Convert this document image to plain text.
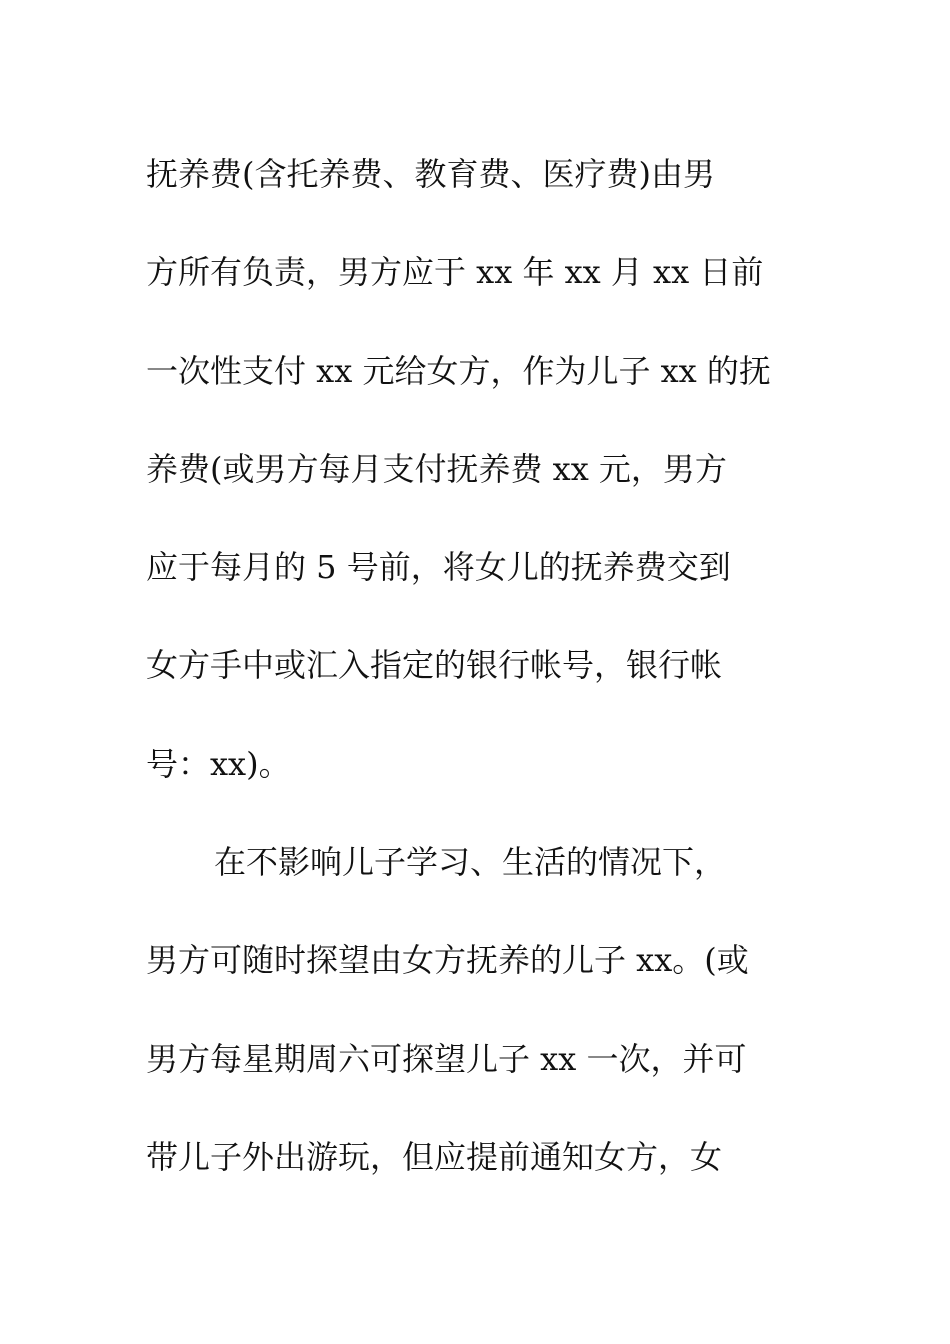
抚养费(含托养费、教育费、医疗费)由男
方所有负责，男方应于 xx 年 xx 月 xx 日前
一次性支付 xx 元给女方，作为儿子 xx 的抚
养费(或男方每月支付抚养费 xx 元，男方
应于每月的 5 号前，将女儿的抚养费交到
女方手中或汇入指定的银行帐号，银行帐
号：xx)。
在不影响儿子学习、生活的情况下，
男方可随时探望由女方抚养的儿子 xx。(或
男方每星期周六可探望儿子 xx 一次，并可
带儿子外出游玩，但应提前通知女方，女
